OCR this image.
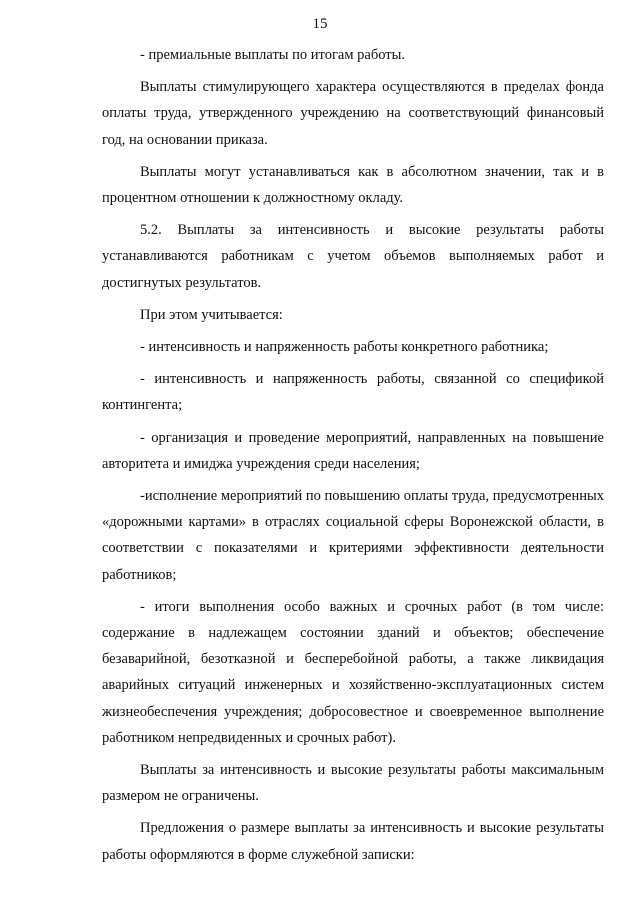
15

- премиальные выплаты по итогам работы.

Выплаты стимулирующего характера осуществляются в пределах фонда оплаты труда, утвержденного учреждению на соответствующий финансовый год, на основании приказа.

Выплаты могут устанавливаться как в абсолютном значении, так и в процентном отношении к должностному окладу.

5.2. Выплаты за интенсивность и высокие результаты работы устанавливаются работникам с учетом объемов выполняемых работ и достигнутых результатов.

При этом учитывается:

- интенсивность и напряженность работы конкретного работника;

- интенсивность и напряженность работы, связанной со спецификой контингента;

- организация и проведение мероприятий, направленных на повышение авторитета и имиджа учреждения среди населения;

-исполнение мероприятий по повышению оплаты труда, предусмотренных «дорожными картами» в отраслях социальной сферы Воронежской области, в соответствии с показателями и критериями эффективности деятельности работников;

- итоги выполнения особо важных и срочных работ (в том числе: содержание в надлежащем состоянии зданий и объектов; обеспечение безаварийной, безотказной и бесперебойной работы, а также ликвидация аварийных ситуаций инженерных и хозяйственно-эксплуатационных систем жизнеобеспечения учреждения; добросовестное и своевременное выполнение работником непредвиденных и срочных работ).

Выплаты за интенсивность и высокие результаты работы максимальным размером не ограничены.

Предложения о размере выплаты за интенсивность и высокие результаты работы оформляются в форме служебной записки:
